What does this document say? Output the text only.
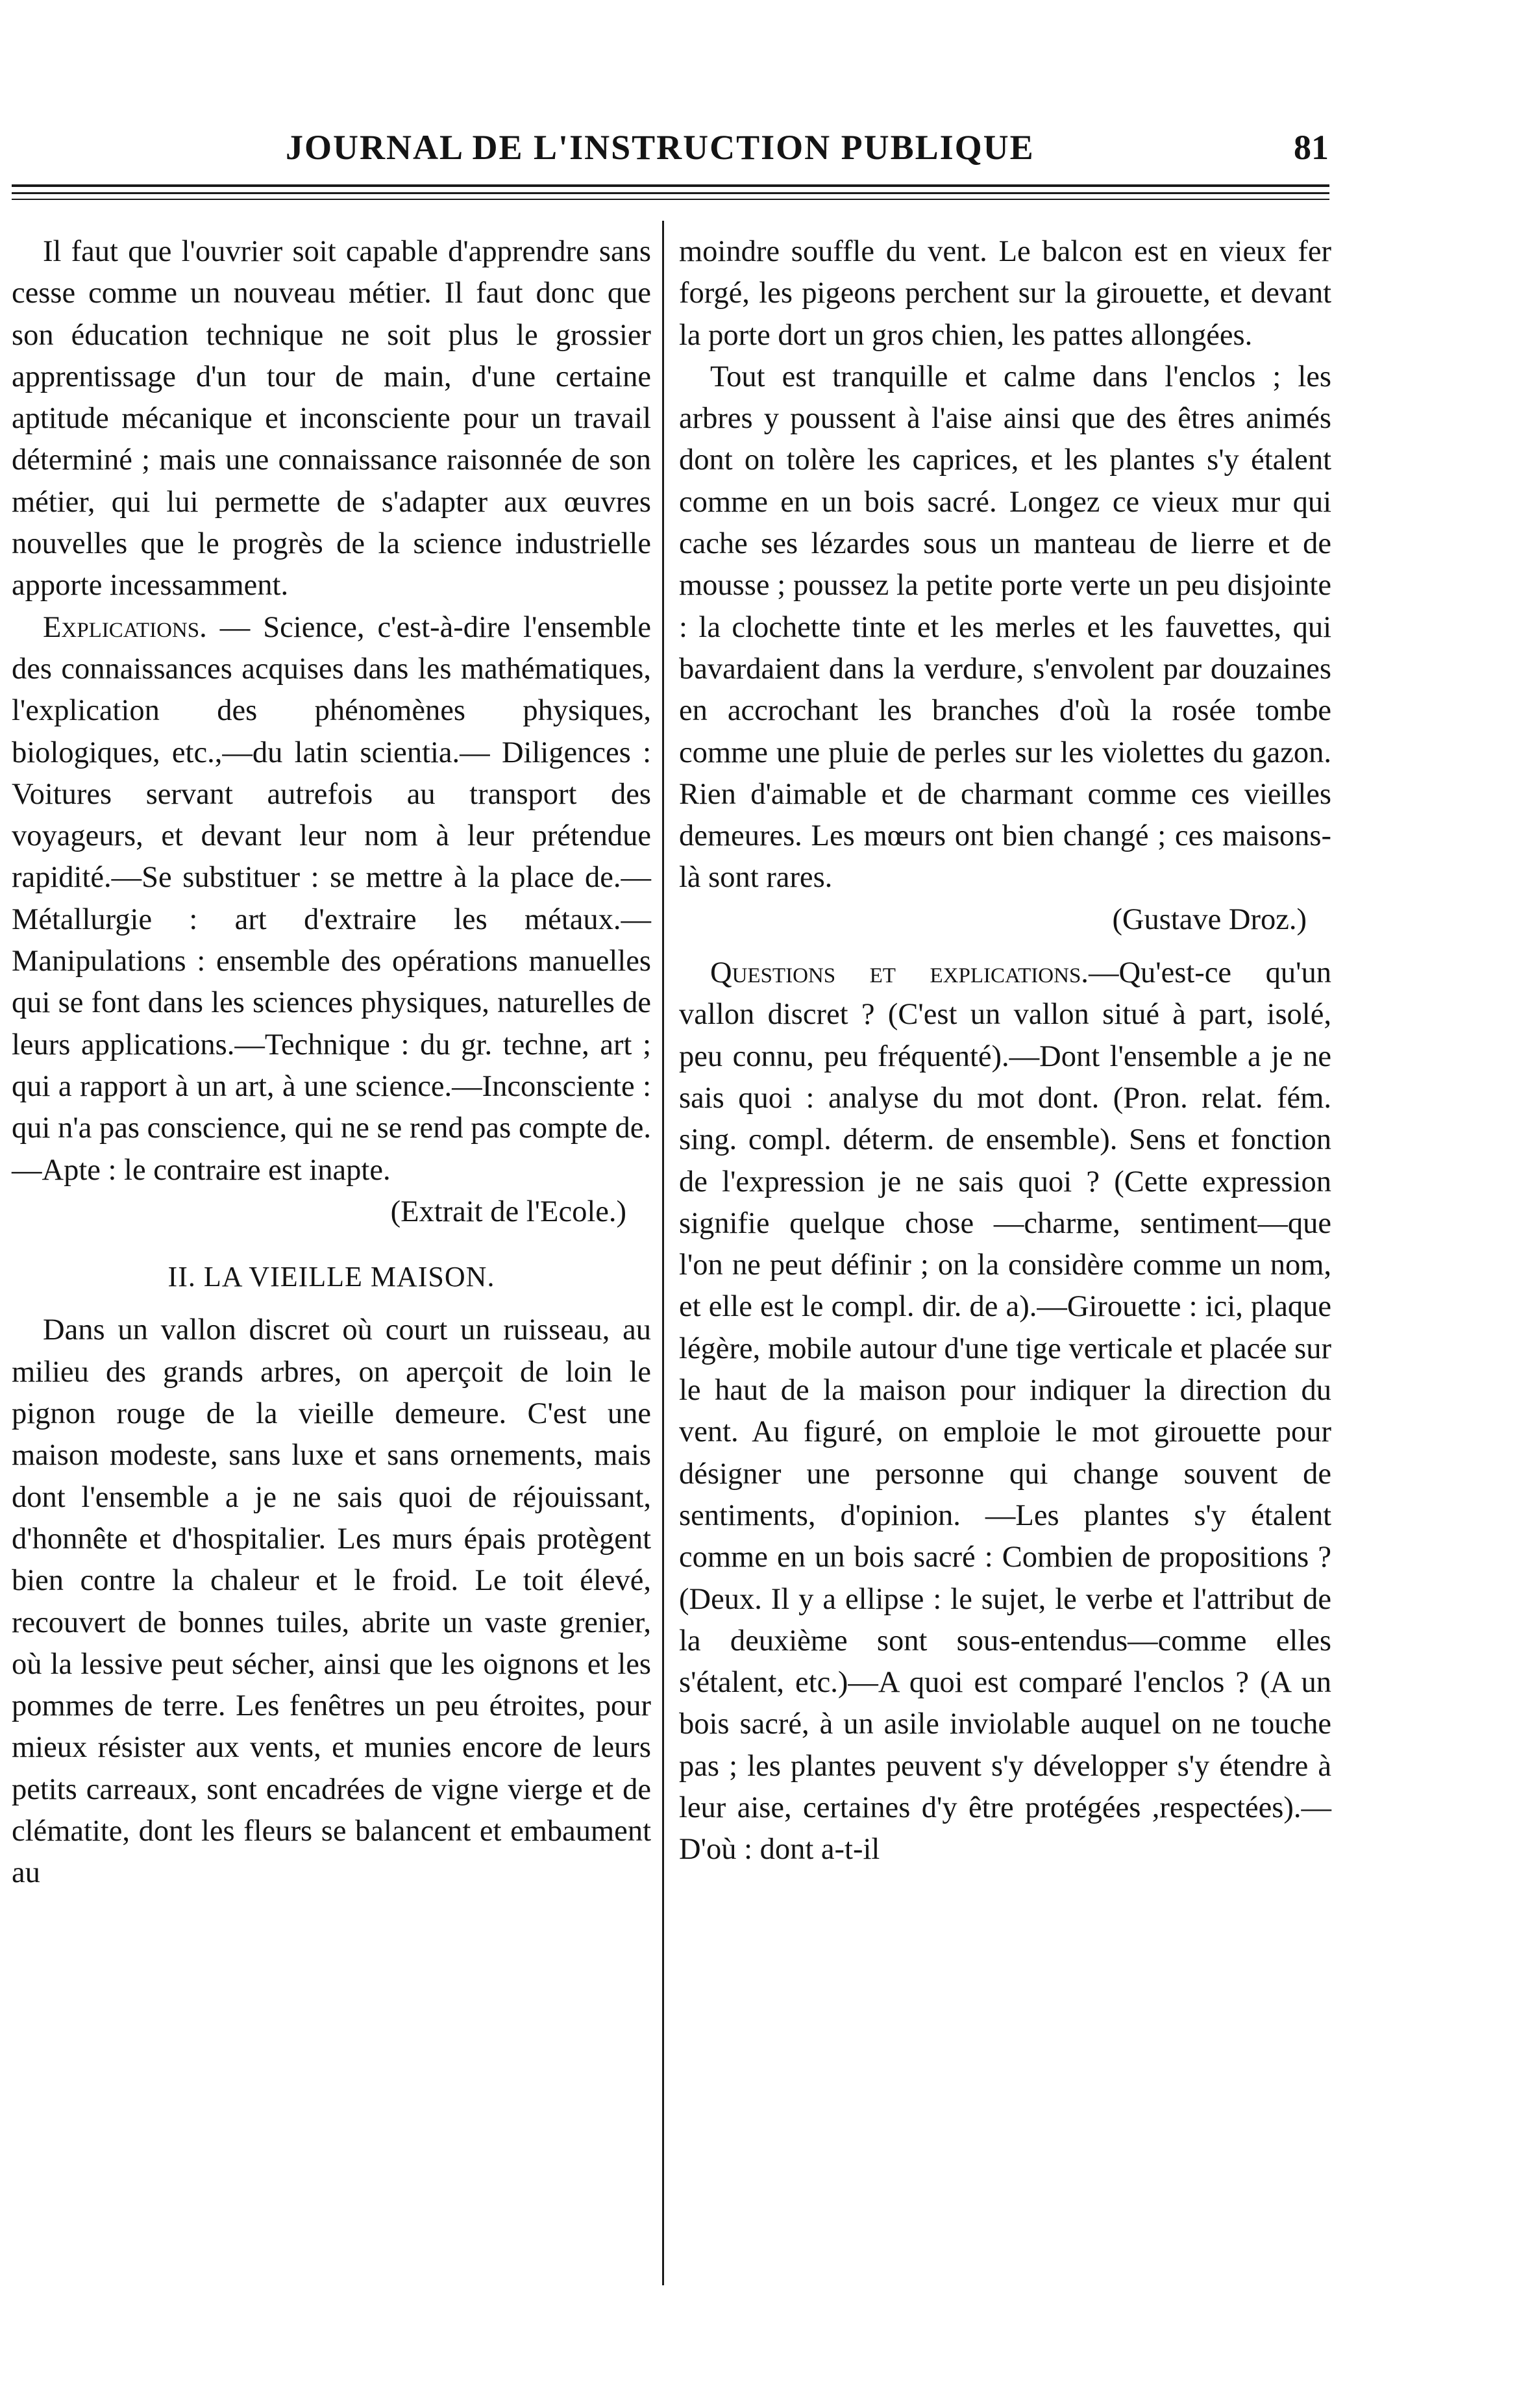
JOURNAL DE L'INSTRUCTION PUBLIQUE	81

Il faut que l'ouvrier soit capable d'apprendre sans cesse comme un nouveau métier. Il faut donc que son éducation technique ne soit plus le grossier apprentissage d'un tour de main, d'une certaine aptitude mécanique et inconsciente pour un travail déterminé ; mais une connaissance raisonnée de son métier, qui lui permette de s'adapter aux œuvres nouvelles que le progrès de la science industrielle apporte incessamment.

Explications. — Science, c'est-à-dire l'ensemble des connaissances acquises dans les mathématiques, l'explication des phénomènes physiques, biologiques, etc.,—du latin scientia.— Diligences : Voitures servant autrefois au transport des voyageurs, et devant leur nom à leur prétendue rapidité.—Se substituer : se mettre à la place de.—Métallurgie : art d'extraire les métaux.—Manipulations : ensemble des opérations manuelles qui se font dans les sciences physiques, naturelles de leurs applications.—Technique : du gr. techne, art ; qui a rapport à un art, à une science.—Inconsciente : qui n'a pas conscience, qui ne se rend pas compte de.—Apte : le contraire est inapte.

(Extrait de l'Ecole.)

II. LA VIEILLE MAISON.

Dans un vallon discret où court un ruisseau, au milieu des grands arbres, on aperçoit de loin le pignon rouge de la vieille demeure. C'est une maison modeste, sans luxe et sans ornements, mais dont l'ensemble a je ne sais quoi de réjouissant, d'honnête et d'hospitalier. Les murs épais protègent bien contre la chaleur et le froid. Le toit élevé, recouvert de bonnes tuiles, abrite un vaste grenier, où la lessive peut sécher, ainsi que les oignons et les pommes de terre. Les fenêtres un peu étroites, pour mieux résister aux vents, et munies encore de leurs petits carreaux, sont encadrées de vigne vierge et de clématite, dont les fleurs se balancent et embaument au

moindre souffle du vent. Le balcon est en vieux fer forgé, les pigeons perchent sur la girouette, et devant la porte dort un gros chien, les pattes allongées.

Tout est tranquille et calme dans l'enclos ; les arbres y poussent à l'aise ainsi que des êtres animés dont on tolère les caprices, et les plantes s'y étalent comme en un bois sacré. Longez ce vieux mur qui cache ses lézardes sous un manteau de lierre et de mousse ; poussez la petite porte verte un peu disjointe : la clochette tinte et les merles et les fauvettes, qui bavardaient dans la verdure, s'envolent par douzaines en accrochant les branches d'où la rosée tombe comme une pluie de perles sur les violettes du gazon. Rien d'aimable et de charmant comme ces vieilles demeures. Les mœurs ont bien changé ; ces maisons-là sont rares.

(Gustave Droz.)

Questions et explications.—Qu'est-ce qu'un vallon discret ? (C'est un vallon situé à part, isolé, peu connu, peu fréquenté).—Dont l'ensemble a je ne sais quoi : analyse du mot dont. (Pron. relat. fém. sing. compl. déterm. de ensemble). Sens et fonction de l'expression je ne sais quoi ? (Cette expression signifie quelque chose —charme, sentiment—que l'on ne peut définir ; on la considère comme un nom, et elle est le compl. dir. de a).—Girouette : ici, plaque légère, mobile autour d'une tige verticale et placée sur le haut de la maison pour indiquer la direction du vent. Au figuré, on emploie le mot girouette pour désigner une personne qui change souvent de sentiments, d'opinion. —Les plantes s'y étalent comme en un bois sacré : Combien de propositions ? (Deux. Il y a ellipse : le sujet, le verbe et l'attribut de la deuxième sont sous-entendus—comme elles s'étalent, etc.)—A quoi est comparé l'enclos ? (A un bois sacré, à un asile inviolable auquel on ne touche pas ; les plantes peuvent s'y développer s'y étendre à leur aise, certaines d'y être protégées ,respectées).—D'où : dont a-t-il
